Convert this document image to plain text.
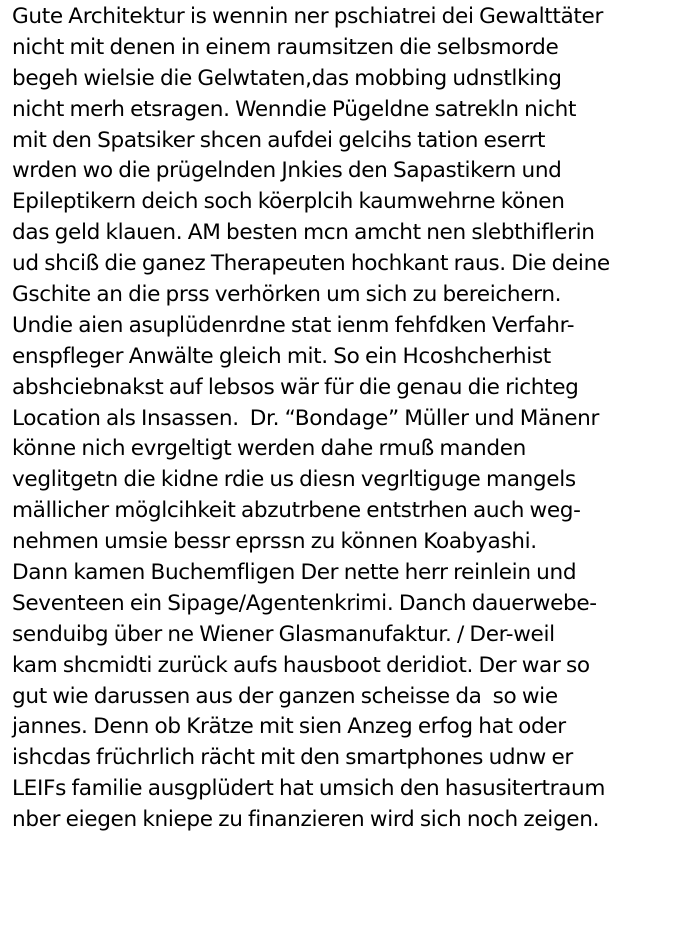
Gute Architektur is wennin ner pschiatrei dei Gewalttäter
nicht mit denen in einem raumsitzen die selbsmorde
begeh wielsie die Gelwtaten,das mobbing udnstlking
nicht merh etsragen. Wenndie Pügeldne satrekln nicht
mit den Spatsiker shcen aufdei gelcihs tation eserrt
wrden wo die prügelnden Jnkies den Sapastikern und
Epileptikern deich soch köerplcih kaumwehrne könen
das geld klauen. AM besten mcn amcht nen slebthiflerin
ud shciß die ganez Therapeuten hochkant raus. Die deine
Gschite an die prss verhörken um sich zu bereichern.
Undie aien asuplüdenrdne stat ienm fehfdken Verfahr-
enspfleger Anwälte gleich mit. So ein Hcoshcherhist
abshciebnakst auf lebsos wär für die genau die richteg
Location als Insassen.  Dr. “Bondage” Müller und Mänenr
könne nich evrgeltigt werden dahe rmuß manden
veglitgetn die kidne rdie us diesn vegrltiguge mangels
mällicher möglcihkeit abzutrbene entstrhen auch weg-
nehmen umsie bessr eprssn zu können Koabyashi.
Dann kamen Buchemfligen Der nette herr reinlein und
Seventeen ein Sipage/Agentenkrimi. Danch dauerwebe-
senduibg über ne Wiener Glasmanufaktur. / Der-weil
kam shcmidti zurück aufs hausboot deridiot. Der war so
gut wie darussen aus der ganzen scheisse da  so wie
jannes. Denn ob Krätze mit sien Anzeg erfog hat oder
ishcdas früchrlich rächt mit den smartphones udnw er
LEIFs familie ausgplüdert hat umsich den hasusitertraum
nber eiegen kniepe zu finanzieren wird sich noch zeigen.
